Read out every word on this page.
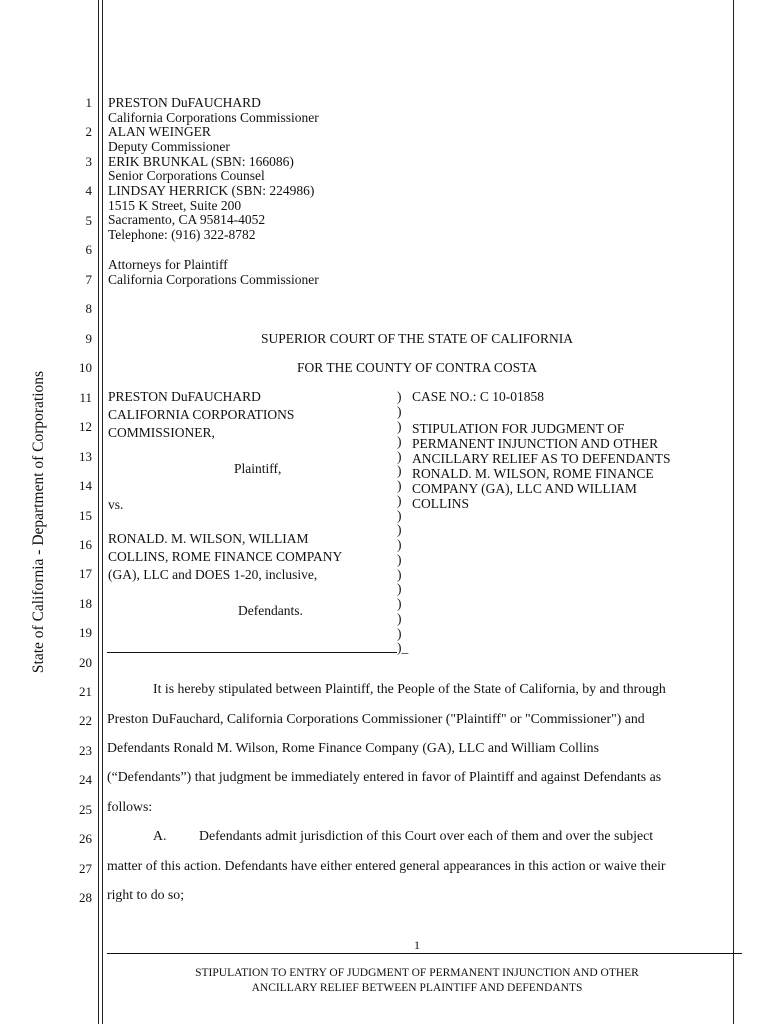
State of California - Department of Corporations
1
2
3
4
5
6
7
8
9
10
11
12
13
14
15
16
17
18
19
20
21
22
23
24
25
26
27
28
PRESTON DuFAUCHARD
California Corporations Commissioner
ALAN WEINGER
Deputy Commissioner
ERIK BRUNKAL (SBN: 166086)
Senior Corporations Counsel
LINDSAY HERRICK (SBN: 224986)
1515 K Street, Suite 200
Sacramento, CA 95814-4052
Telephone: (916) 322-8782
Attorneys for Plaintiff
California Corporations Commissioner
SUPERIOR COURT OF THE STATE OF CALIFORNIA
FOR THE COUNTY OF CONTRA COSTA
PRESTON DuFAUCHARD
CALIFORNIA CORPORATIONS
COMMISSIONER,
Plaintiff,
vs.
RONALD. M. WILSON, WILLIAM
COLLINS, ROME FINANCE COMPANY
(GA), LLC and DOES 1-20, inclusive,
Defendants.
)
)
)
)
)
)
)
)
)
)
)
)
)
)
)
)
)
)_
CASE NO.: C 10-01858
STIPULATION FOR JUDGMENT OF
PERMANENT INJUNCTION AND OTHER
ANCILLARY RELIEF AS TO DEFENDANTS
RONALD. M. WILSON, ROME FINANCE
COMPANY (GA), LLC AND WILLIAM
COLLINS
It is hereby stipulated between Plaintiff, the People of the State of California, by and through
Preston DuFauchard, California Corporations Commissioner ("Plaintiff" or "Commissioner") and
Defendants Ronald M. Wilson, Rome Finance Company (GA), LLC and William Collins
(“Defendants”) that judgment be immediately entered in favor of Plaintiff and against Defendants as
follows:
A. Defendants admit jurisdiction of this Court over each of them and over the subject
matter of this action. Defendants have either entered general appearances in this action or waive their
right to do so;
1
STIPULATION TO ENTRY OF JUDGMENT OF PERMANENT INJUNCTION AND OTHER
ANCILLARY RELIEF BETWEEN PLAINTIFF AND DEFENDANTS
